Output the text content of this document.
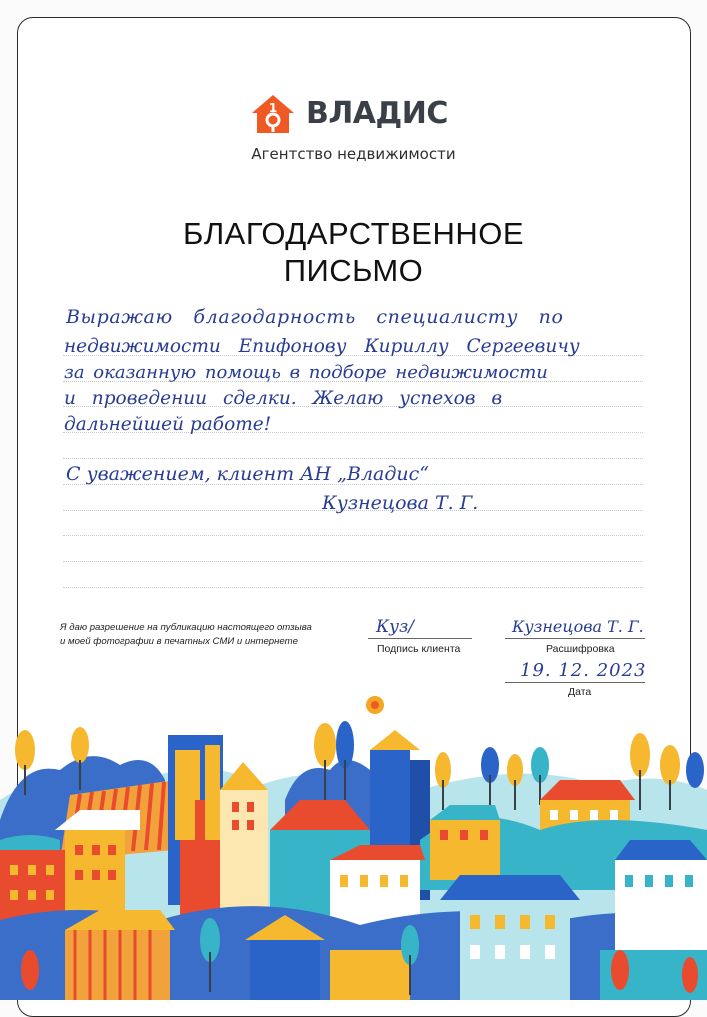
1 ВЛАДИС
Агентство недвижимости
БЛАГОДАРСТВЕННОЕ
ПИСЬМО
Выражаю благодарность специалисту по
недвижимости Епифонову Кириллу Сергеевичу
за оказанную помощь в подборе недвижимости
и проведении сделки. Желаю успехов в
дальнейшей работе!
С уважением, клиент АН „Владис“
Кузнецова Т. Г.
Я даю разрешение на публикацию настоящего отзыва
и моей фотографии в печатных СМИ и интернете
Куз/
Подпись клиента
Кузнецова Т. Г.
Расшифровка
19. 12. 2023
Дата
